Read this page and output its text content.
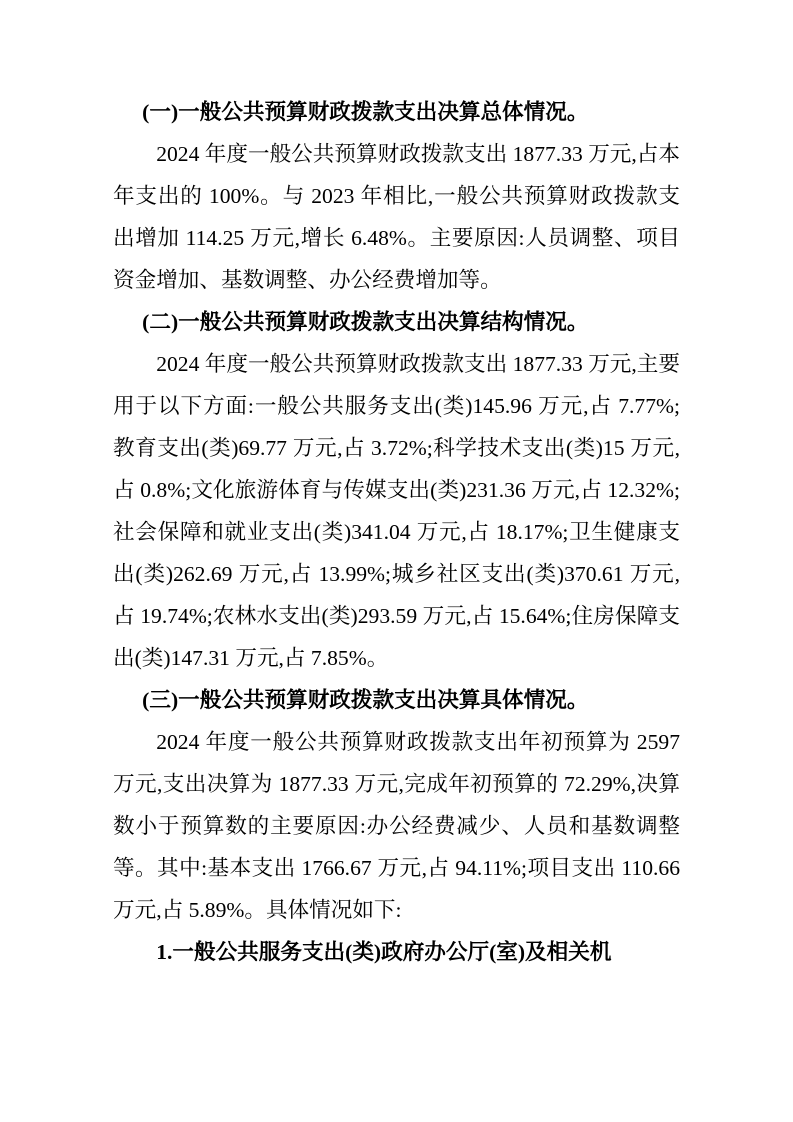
(一)一般公共预算财政拨款支出决算总体情况。

2024 年度一般公共预算财政拨款支出 1877.33 万元,占本年支出的 100%。与 2023 年相比,一般公共预算财政拨款支出增加 114.25 万元,增长 6.48%。主要原因:人员调整、项目资金增加、基数调整、办公经费增加等。

(二)一般公共预算财政拨款支出决算结构情况。

2024 年度一般公共预算财政拨款支出 1877.33 万元,主要用于以下方面:一般公共服务支出(类)145.96 万元,占 7.77%;教育支出(类)69.77 万元,占 3.72%;科学技术支出(类)15 万元,占 0.8%;文化旅游体育与传媒支出(类)231.36 万元,占 12.32%;社会保障和就业支出(类)341.04 万元,占 18.17%;卫生健康支出(类)262.69 万元,占 13.99%;城乡社区支出(类)370.61 万元,占 19.74%;农林水支出(类)293.59 万元,占 15.64%;住房保障支出(类)147.31 万元,占 7.85%。

(三)一般公共预算财政拨款支出决算具体情况。

2024 年度一般公共预算财政拨款支出年初预算为 2597 万元,支出决算为 1877.33 万元,完成年初预算的 72.29%,决算数小于预算数的主要原因:办公经费减少、人员和基数调整等。其中:基本支出 1766.67 万元,占 94.11%;项目支出 110.66 万元,占 5.89%。具体情况如下:

1.一般公共服务支出(类)政府办公厅(室)及相关机
